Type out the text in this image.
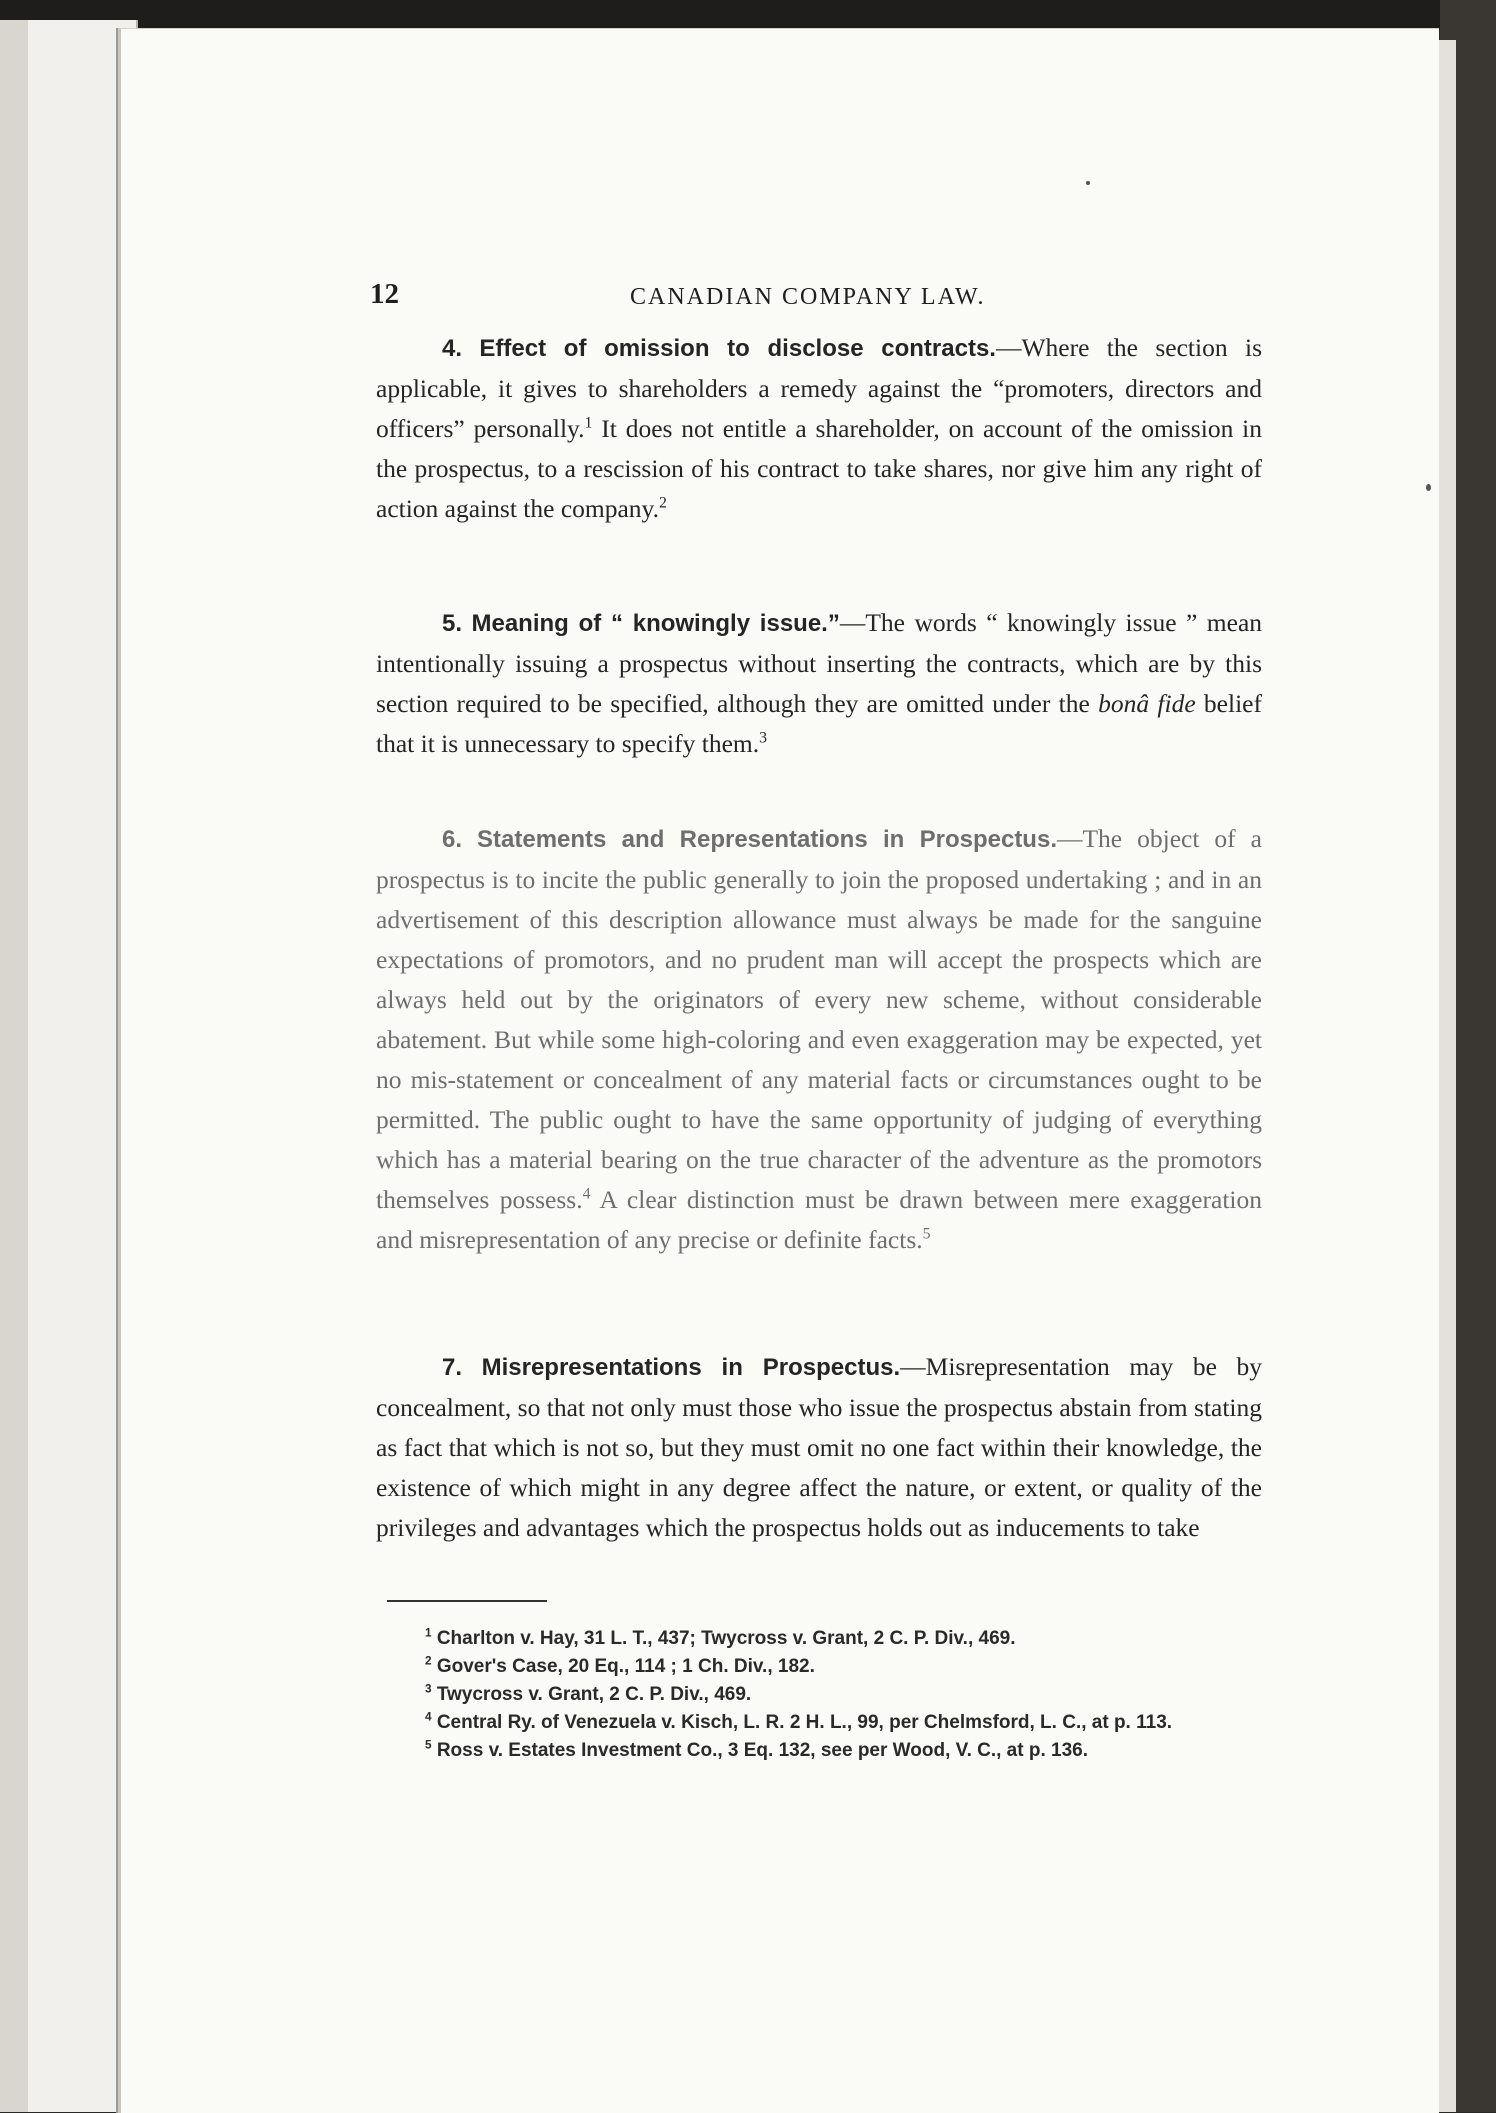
12	CANADIAN COMPANY LAW.
4. Effect of omission to disclose contracts.—Where the section is applicable, it gives to shareholders a remedy against the “promoters, directors and officers” personally.$^1$ It does not entitle a shareholder, on account of the omission in the prospectus, to a rescission of his contract to take shares, nor give him any right of action against the company.$^2$
5. Meaning of “ knowingly issue.”—The words “ knowingly issue ” mean intentionally issuing a prospectus without inserting the contracts, which are by this section required to be specified, although they are omitted under the bonâ fide belief that it is unnecessary to specify them.$^3$
6. Statements and Representations in Prospectus.—The object of a prospectus is to incite the public generally to join the proposed undertaking ; and in an advertisement of this description allowance must always be made for the sanguine expectations of promotors, and no prudent man will accept the prospects which are always held out by the originators of every new scheme, without considerable abatement. But while some high-coloring and even exaggeration may be expected, yet no mis-statement or concealment of any material facts or circumstances ought to be permitted. The public ought to have the same opportunity of judging of everything which has a material bearing on the true character of the adventure as the promotors themselves possess.$^4$ A clear distinction must be drawn between mere exaggeration and misrepresentation of any precise or definite facts.$^5$
7. Misrepresentations in Prospectus.—Misrepresentation may be by concealment, so that not only must those who issue the prospectus abstain from stating as fact that which is not so, but they must omit no one fact within their knowledge, the existence of which might in any degree affect the nature, or extent, or quality of the privileges and advantages which the prospectus holds out as inducements to take
$^1$ Charlton v. Hay, 31 L. T., 437; Twycross v. Grant, 2 C. P. Div., 469.
$^2$ Gover's Case, 20 Eq., 114 ; 1 Ch. Div., 182.
$^3$ Twycross v. Grant, 2 C. P. Div., 469.
$^4$ Central Ry. of Venezuela v. Kisch, L. R. 2 H. L., 99, per Chelmsford, L. C., at p. 113.
$^5$ Ross v. Estates Investment Co., 3 Eq. 132, see per Wood, V. C., at p. 136.
